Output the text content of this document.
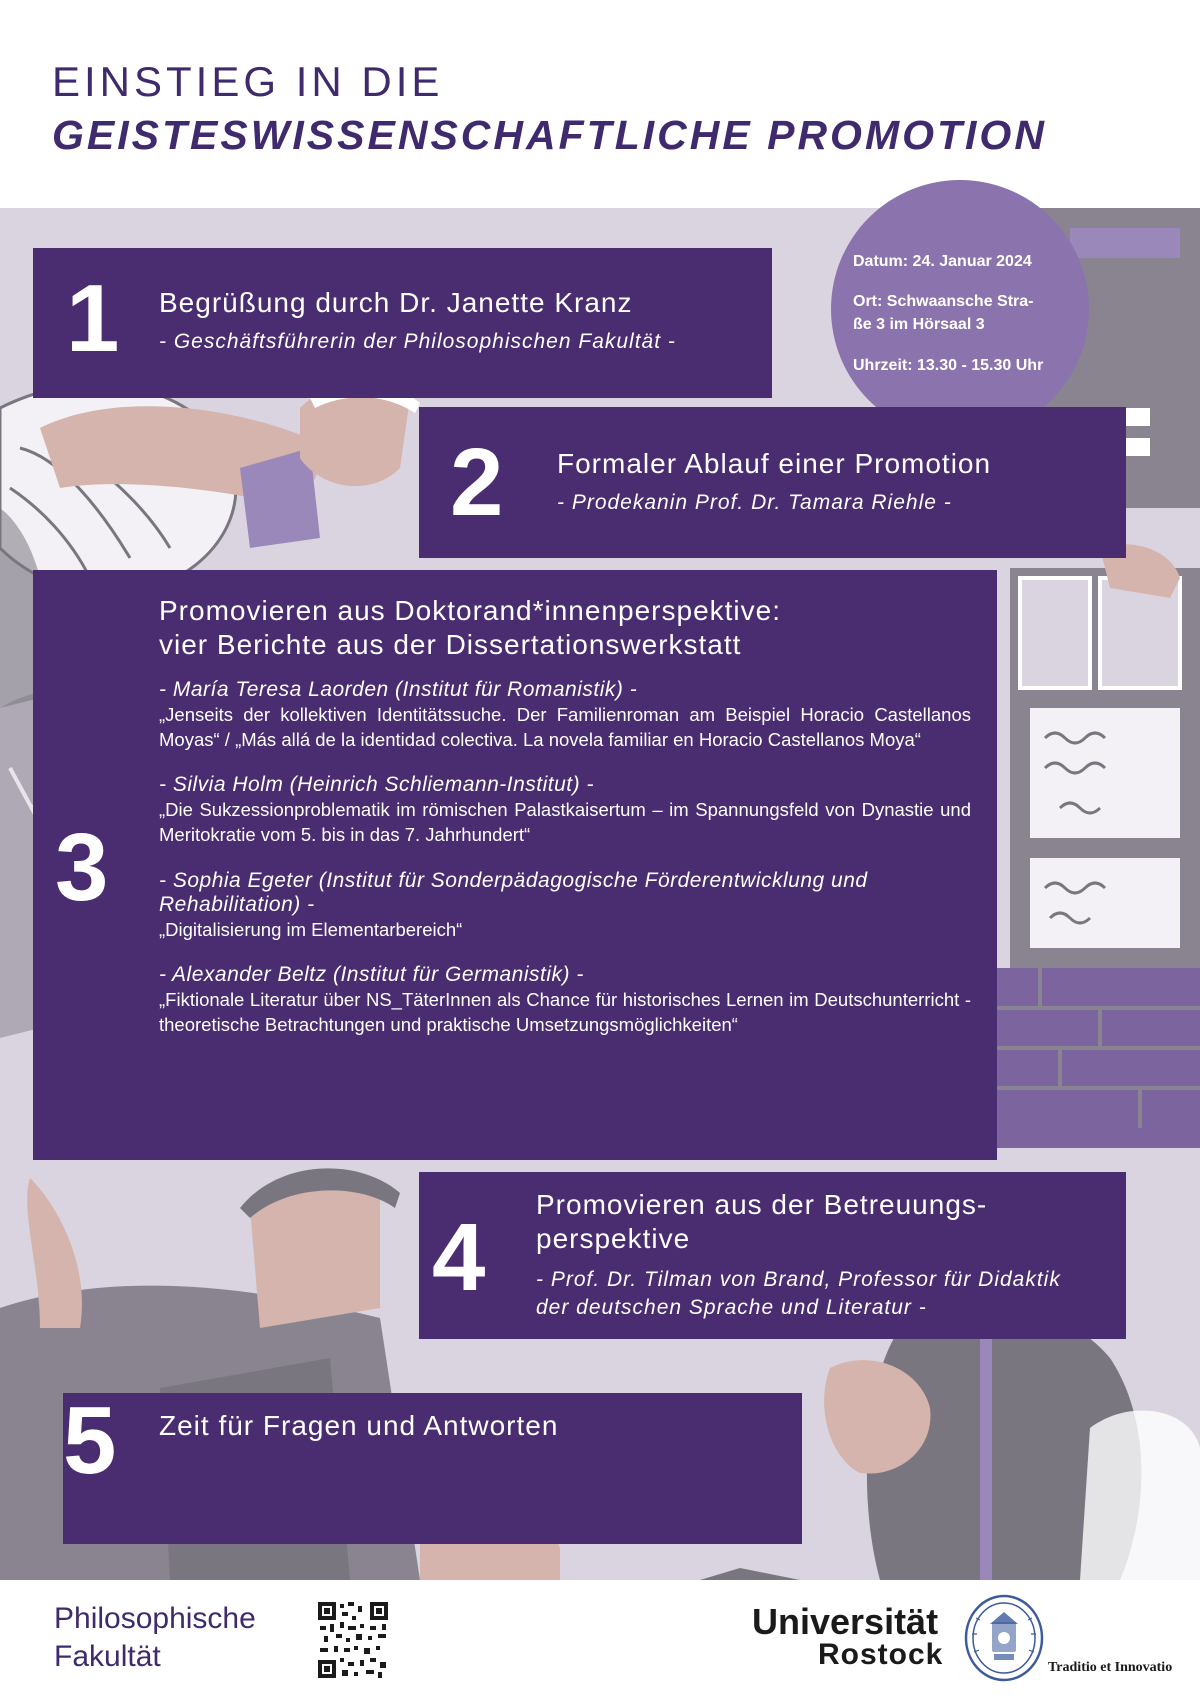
EINSTIEG IN DIE
GEISTESWISSENSCHAFTLICHE PROMOTION
Datum: 24. Januar 2024
Ort: Schwaansche Stra-
ße 3 im Hörsaal 3
Uhrzeit: 13.30 - 15.30 Uhr
1 Begrüßung durch Dr. Janette Kranz
- Geschäftsführerin der Philosophischen Fakultät -
2 Formaler Ablauf einer Promotion
- Prodekanin Prof. Dr. Tamara Riehle -
3
Promovieren aus Doktorand*innenperspektive:
vier Berichte aus der Dissertationswerkstatt

- María Teresa Laorden (Institut für Romanistik) -

„Jenseits der kollektiven Identitätssuche. Der Familienroman am Beispiel Horacio Castellanos Moyas“ / „Más allá de la identidad colectiva. La novela familiar en Horacio Castellanos Moya“

- Silvia Holm (Heinrich Schliemann-Institut) -

„Die Sukzessionproblematik im römischen Palastkaisertum – im Spannungsfeld von Dynastie und Meritokratie vom 5. bis in das 7. Jahrhundert“

- Sophia Egeter (Institut für Sonderpädagogische Förderentwicklung und Rehabilitation) -

„Digitalisierung im Elementarbereich“

- Alexander Beltz (Institut für Germanistik) -

„Fiktionale Literatur über NS_TäterInnen als Chance für historisches Lernen im Deutschunterricht - theoretische Betrachtungen und praktische Umsetzungsmöglichkeiten“

4 Promovieren aus der Betreuungs-
perspektive
- Prof. Dr. Tilman von Brand, Professor für Didaktik
der deutschen Sprache und Literatur -
5 Zeit für Fragen und Antworten
Philosophische
Fakultät
Universität
Rostock	Traditio et Innovatio
